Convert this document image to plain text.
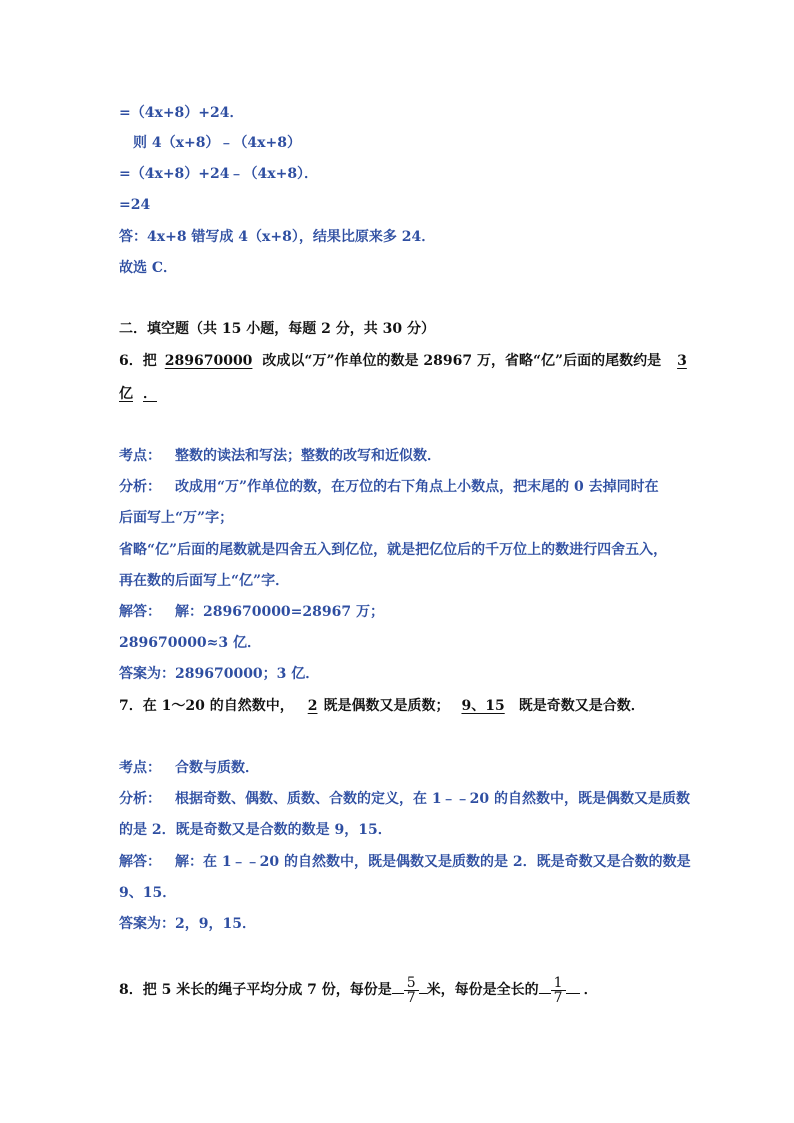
=（4x+8）+24．
则 4（x+8）﹣（4x+8）
=（4x+8）+24﹣（4x+8）．
=24
答：4x+8 错写成 4（x+8），结果比原来多 24．
故选 C．
二．填空题（共 15 小题，每题 2 分，共 30 分）
6．把 289670000 改成以“万”作单位的数是 28967 万，省略“亿”后面的尾数约是 3
亿 ．
考点： 整数的读法和写法；整数的改写和近似数．
分析： 改成用“万”作单位的数，在万位的右下角点上小数点，把末尾的 0 去掉同时在
后面写上“万”字；
省略“亿”后面的尾数就是四舍五入到亿位，就是把亿位后的千万位上的数进行四舍五入，
再在数的后面写上“亿”字．
解答： 解：289670000=28967 万；
289670000≈3 亿．
答案为：289670000；3 亿．
7．在 1～20 的自然数中， 2 既是偶数又是质数； 9、15 既是奇数又是合数．
考点： 合数与质数．
分析： 根据奇数、偶数、质数、合数的定义，在 1﹣﹣20 的自然数中，既是偶数又是质数
的是 2．既是奇数又是合数的数是 9，15．
解答： 解：在 1﹣﹣20 的自然数中，既是偶数又是质数的是 2．既是奇数又是合数的数是
9、15．
答案为：2，9，15．
8．把 5 米长的绳子平均分成 7 份，每份是 $\frac{5}{7}$ 米，每份是全长的 $\frac{1}{7}$ ．
